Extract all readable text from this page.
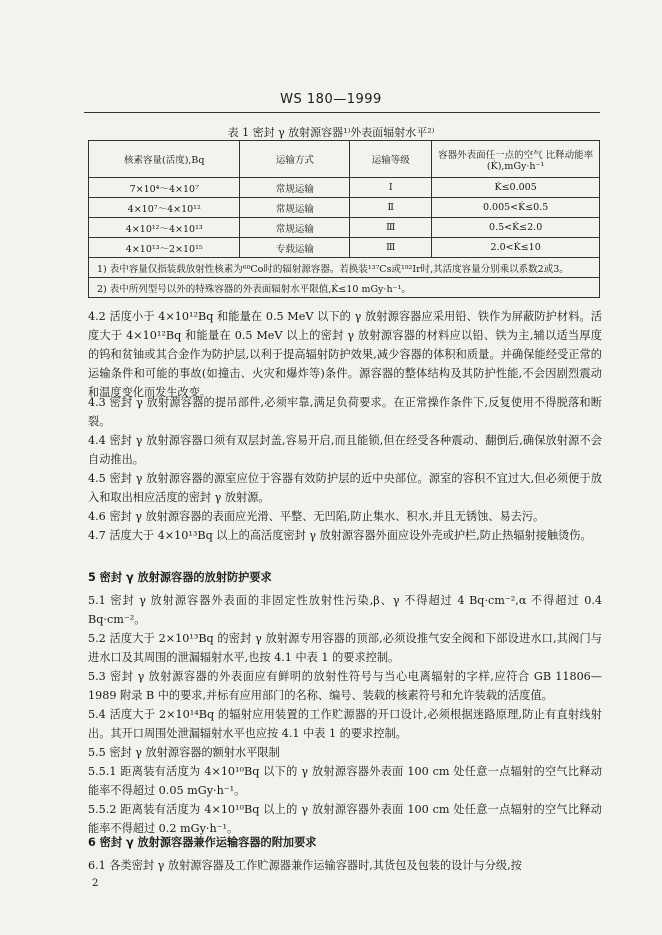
WS 180—1999
表 1 密封 γ 放射源容器¹⁾外表面辐射水平²⁾
核素容量(活度),Bq	运输方式	运输等级	容器外表面任一点的空气 比释动能率(K̇),mGy·h⁻¹
7×10⁴～4×10⁷	常规运输	Ⅰ	K̇≤0.005
4×10⁷～4×10¹²	常规运输	Ⅱ	0.005<K̇≤0.5
4×10¹²～4×10¹³	常规运输	Ⅲ	0.5<K̇≤2.0
4×10¹³～2×10¹⁵	专载运输	Ⅲ	2.0<K̇≤10
1) 表中容量仅指装载放射性核素为⁶⁰Co时的辐射源容器。若换装¹³⁷Cs或¹⁹²Ir时,其活度容量分别乘以系数2或3。			
2) 表中所列型号以外的特殊容器的外表面辐射水平限值,K̇≤10 mGy·h⁻¹。			

4.2 活度小于 4×10¹²Bq 和能量在 0.5 MeV 以下的 γ 放射源容器应采用铅、铁作为屏蔽防护材料。活度大于 4×10¹²Bq 和能量在 0.5 MeV 以上的密封 γ 放射源容器的材料应以铅、铁为主,辅以适当厚度的钨和贫铀或其合金作为防护层,以利于提高辐射防护效果,减少容器的体积和质量。并确保能经受正常的运输条件和可能的事故(如撞击、火灾和爆炸等)条件。源容器的整体结构及其防护性能,不会因剧烈震动和温度变化而发生改变。

4.3 密封 γ 放射源容器的提吊部件,必须牢靠,满足负荷要求。在正常操作条件下,反复使用不得脱落和断裂。

4.4 密封 γ 放射源容器口须有双层封盖,容易开启,而且能锁,但在经受各种震动、翻倒后,确保放射源不会自动推出。

4.5 密封 γ 放射源容器的源室应位于容器有效防护层的近中央部位。源室的容积不宜过大,但必须便于放入和取出相应活度的密封 γ 放射源。

4.6 密封 γ 放射源容器的表面应光滑、平整、无凹陷,防止集水、积水,并且无锈蚀、易去污。

4.7 活度大于 4×10¹³Bq 以上的高活度密封 γ 放射源容器外面应设外壳或护栏,防止热辐射接触烫伤。

5 密封 γ 放射源容器的放射防护要求

5.1 密封 γ 放射源容器外表面的非固定性放射性污染,β、γ 不得超过 4 Bq·cm⁻²,α 不得超过 0.4 Bq·cm⁻²。

5.2 活度大于 2×10¹³Bq 的密封 γ 放射源专用容器的顶部,必须设推气安全阀和下部设进水口,其阀门与进水口及其周围的泄漏辐射水平,也按 4.1 中表 1 的要求控制。

5.3 密封 γ 放射源容器的外表面应有鲜明的放射性符号与当心电离辐射的字样,应符合 GB 11806—1989 附录 B 中的要求,并标有应用部门的名称、编号、装载的核素符号和允许装载的活度值。

5.4 活度大于 2×10¹⁴Bq 的辐射应用装置的工作贮源器的开口设计,必须根据迷路原理,防止有直射线射出。其开口周围处泄漏辐射水平也应按 4.1 中表 1 的要求控制。

5.5 密封 γ 放射源容器的额射水平限制

5.5.1 距离装有活度为 4×10¹⁰Bq 以下的 γ 放射源容器外表面 100 cm 处任意一点辐射的空气比释动能率不得超过 0.05 mGy·h⁻¹。

5.5.2 距离装有活度为 4×10¹⁰Bq 以上的 γ 放射源容器外表面 100 cm 处任意一点辐射的空气比释动能率不得超过 0.2 mGy·h⁻¹。

6 密封 γ 放射源容器兼作运输容器的附加要求

6.1 各类密封 γ 放射源容器及工作贮源器兼作运输容器时,其货包及包装的设计与分级,按

2
